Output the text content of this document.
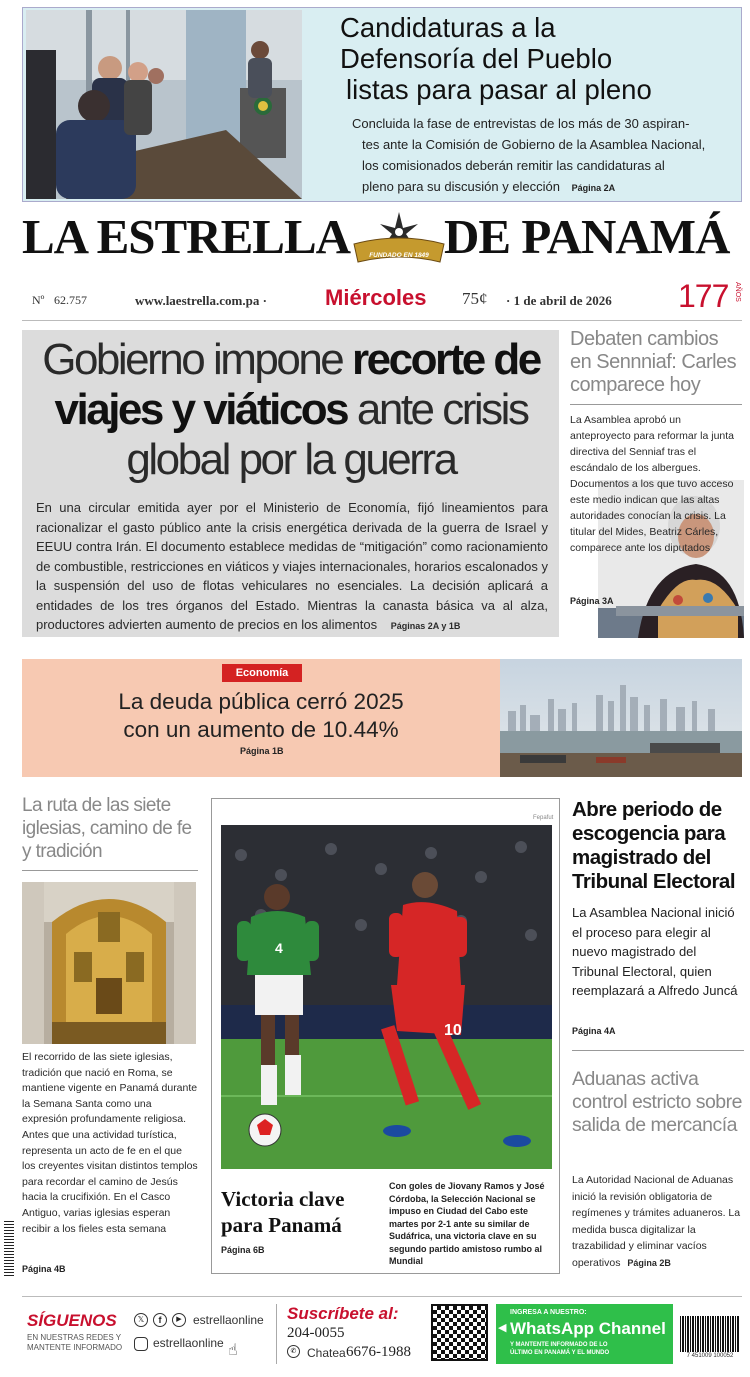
Candidaturas a la
Defensoría del Pueblo
listas para pasar al pleno
Concluida la fase de entrevistas de los más de 30 aspiran-
tes ante la Comisión de Gobierno de la Asamblea Nacional,
los comisionados deberán remitir las candidaturas al
pleno para su discusión y elección Página 2A
LA ESTRELLA DE PANAMÁ
FUNDADO EN 1849
Nº 62.757	www.laestrella.com.pa ·	Miércoles 75¢ · 1 de abril de 2026 177 AÑOS
Gobierno impone recorte de viajes y viáticos ante crisis global por la guerra
En una circular emitida ayer por el Ministerio de Economía, fijó lineamientos para racionalizar el gasto público ante la crisis energética derivada de la guerra de Israel y EEUU contra Irán. El documento establece medidas de “mitigación” como racionamiento de combustible, restricciones en viáticos y viajes internacionales, horarios escalonados y la suspensión del uso de flotas vehiculares no esenciales. La decisión aplicará a entidades de los tres órganos del Estado. Mientras la canasta básica va al alza, productores advierten aumento de precios en los alimentos Páginas 2A y 1B
Debaten cambios en Sennniaf: Carles comparece hoy
La Asamblea aprobó un anteproyecto para reformar la junta directiva del Senniaf tras el escándalo de los albergues. Documentos a los que tuvo acceso este medio indican que las altas autoridades conocían la crisis. La titular del Mides, Beatriz Cárles, comparece ante los diputados
Página 3A
Economía
La deuda pública cerró 2025
con un aumento de 10.44%
Página 1B
La ruta de las siete iglesias, camino de fe y tradición
El recorrido de las siete iglesias, tradición que nació en Roma, se mantiene vigente en Panamá durante la Semana Santa como una expresión profundamente religiosa. Antes que una actividad turística, representa un acto de fe en el que los creyentes visitan distintos templos para recordar el camino de Jesús hacia la crucifixión. En el Casco Antiguo, varias iglesias esperan recibir a los fieles esta semana
Página 4B
Fepafut
4
10
Victoria clave
para Panamá
Página 6B
Con goles de Jiovany Ramos y José Córdoba, la Selección Nacional se impuso en Ciudad del Cabo este martes por 2-1 ante su similar de Sudáfrica, una victoria clave en su segundo partido amistoso rumbo al Mundial
Abre periodo de
escogencia para
magistrado del
Tribunal Electoral
La Asamblea Nacional inició el proceso para elegir al nuevo magistrado del Tribunal Electoral, quien reemplazará a Alfredo Juncá
Página 4A
Aduanas activa control estricto sobre salida de mercancía
La Autoridad Nacional de Aduanas inició la revisión obligatoria de regímenes y trámites aduaneros. La medida busca digitalizar la trazabilidad y eliminar vacíos operativos Página 2B
SÍGUENOS
EN NUESTRAS REDES Y
MANTENTE INFORMADO
𝕏	f	▶ estrellaonline
estrellaonline ☝
Suscríbete al:
204-0055
✆ Chatea 6676-1988
INGRESA A NUESTRO:
◀ WhatsApp Channel
Y MANTENTE INFORMADO DE LO
ÚLTIMO EN PANAMÁ Y EL MUNDO	7 451009 100052
